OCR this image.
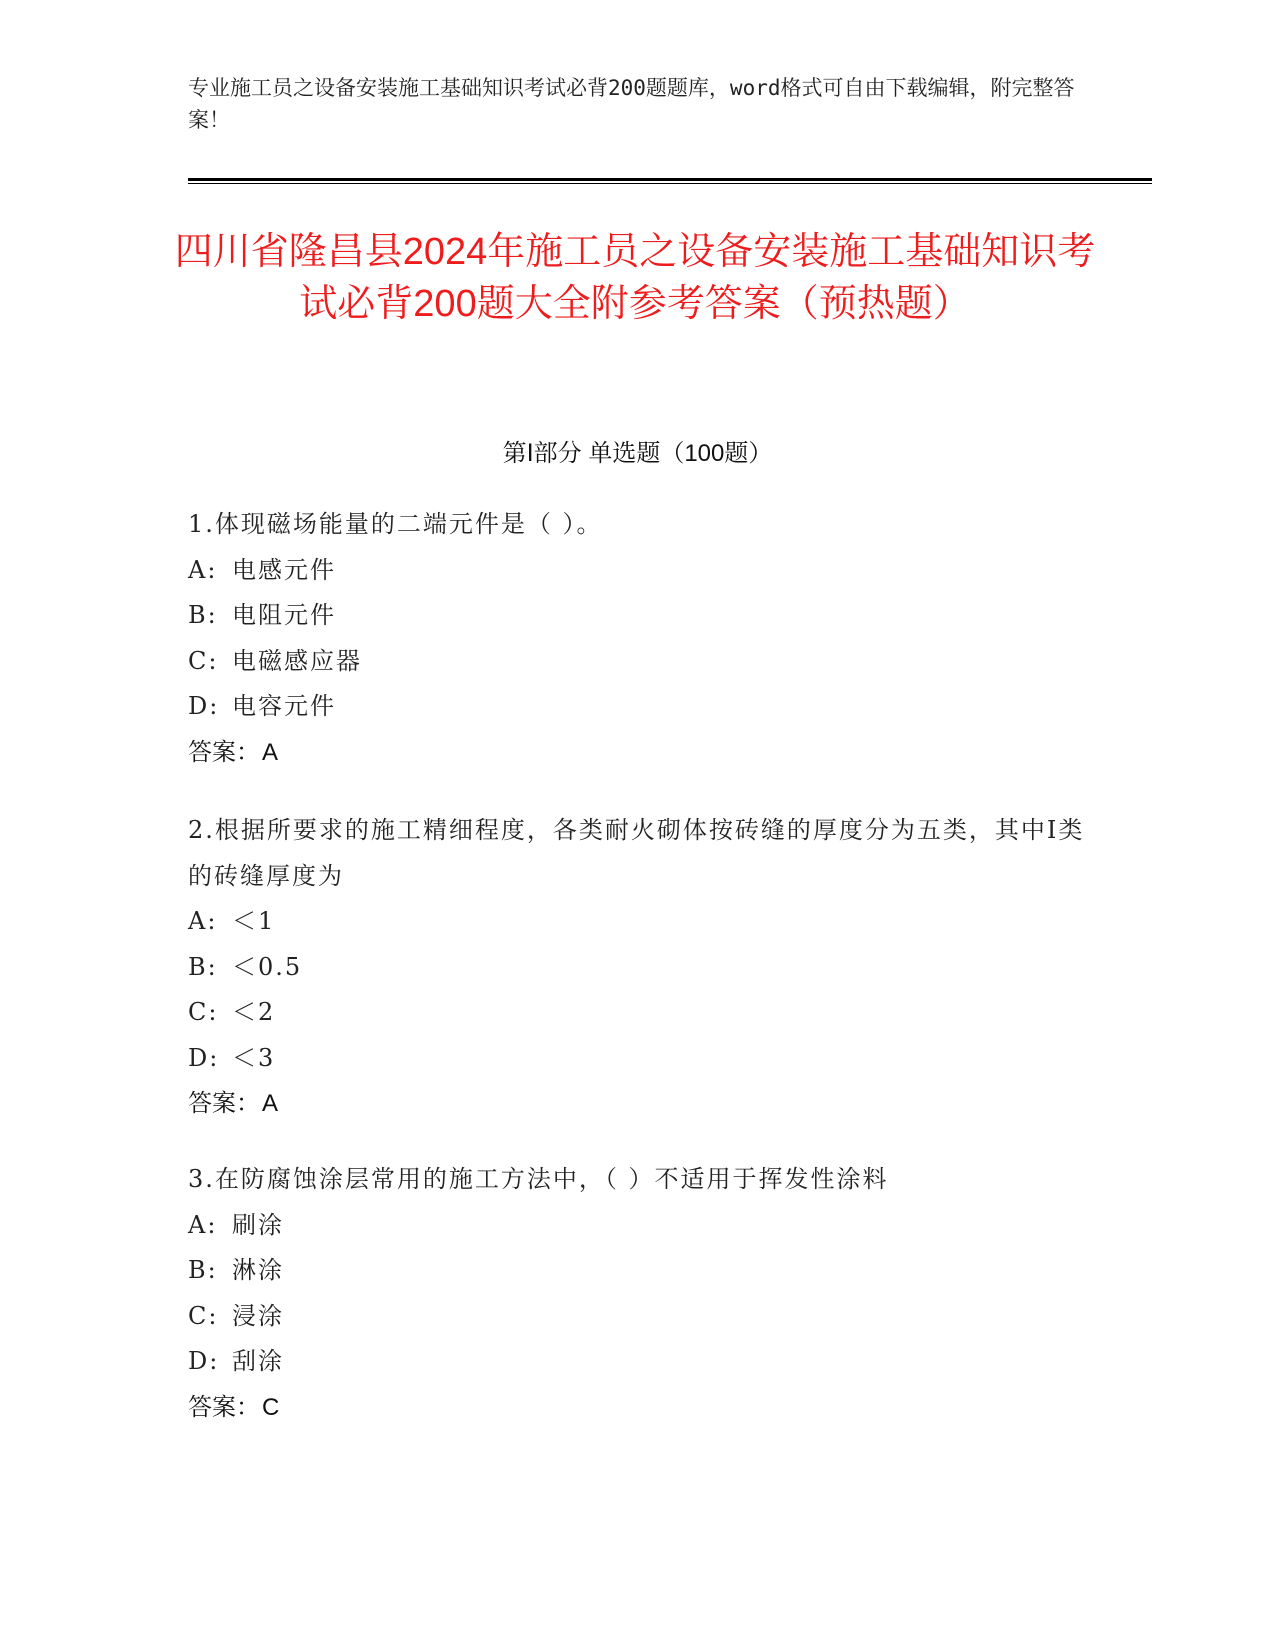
专业施工员之设备安装施工基础知识考试必背200题题库，word格式可自由下载编辑，附完整答案！
四川省隆昌县2024年施工员之设备安装施工基础知识考试必背200题大全附参考答案（预热题）
第Ⅰ部分 单选题（100题）
1.体现磁场能量的二端元件是（ ）。
A: 电感元件
B: 电阻元件
C: 电磁感应器
D: 电容元件
答案：A
2.根据所要求的施工精细程度，各类耐火砌体按砖缝的厚度分为五类，其中Ⅰ类的砖缝厚度为
A: ＜1
B: ＜0.5
C: ＜2
D: ＜3
答案：A
3.在防腐蚀涂层常用的施工方法中，（ ）不适用于挥发性涂料
A: 刷涂
B: 淋涂
C: 浸涂
D: 刮涂
答案：C
